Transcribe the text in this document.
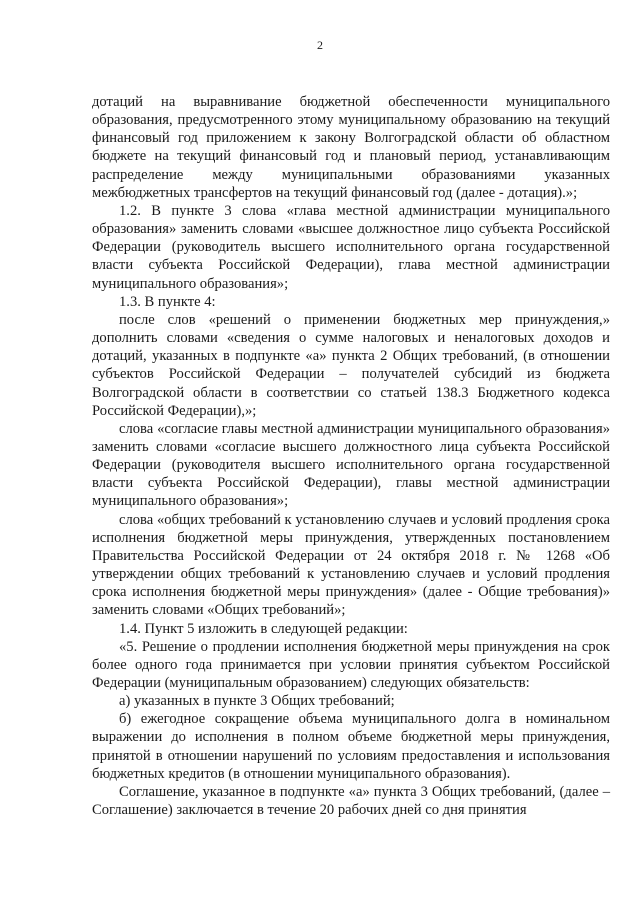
2

дотаций на выравнивание бюджетной обеспеченности муниципального образования, предусмотренного этому муниципальному образованию на текущий финансовый год приложением к закону Волгоградской области об областном бюджете на текущий финансовый год и плановый период, устанавливающим распределение между муниципальными образованиями указанных межбюджетных трансфертов на текущий финансовый год (далее - дотация).»;

1.2. В пункте 3 слова «глава местной администрации муниципального образования» заменить словами «высшее должностное лицо субъекта Российской Федерации (руководитель высшего исполнительного органа государственной власти субъекта Российской Федерации), глава местной администрации муниципального образования»;

1.3. В пункте 4:

после слов «решений о применении бюджетных мер принуждения,» дополнить словами «сведения о сумме налоговых и неналоговых доходов и дотаций, указанных в подпункте «а» пункта 2 Общих требований, (в отношении субъектов Российской Федерации – получателей субсидий из бюджета Волгоградской области в соответствии со статьей 138.3 Бюджетного кодекса Российской Федерации),»;

слова «согласие главы местной администрации муниципального образования» заменить словами «согласие высшего должностного лица субъекта Российской Федерации (руководителя высшего исполнительного органа государственной власти субъекта Российской Федерации), главы местной администрации муниципального образования»;

слова «общих требований к установлению случаев и условий продления срока исполнения бюджетной меры принуждения, утвержденных постановлением Правительства Российской Федерации от 24 октября 2018 г. № 1268 «Об утверждении общих требований к установлению случаев и условий продления срока исполнения бюджетной меры принуждения» (далее - Общие требования)» заменить словами «Общих требований»;

1.4. Пункт 5 изложить в следующей редакции:

«5. Решение о продлении исполнения бюджетной меры принуждения на срок более одного года принимается при условии принятия субъектом Российской Федерации (муниципальным образованием) следующих обязательств:

а) указанных в пункте 3 Общих требований;

б) ежегодное сокращение объема муниципального долга в номинальном выражении до исполнения в полном объеме бюджетной меры принуждения, принятой в отношении нарушений по условиям предоставления и использования бюджетных кредитов (в отношении муниципального образования).

Соглашение, указанное в подпункте «а» пункта 3 Общих требований, (далее – Соглашение) заключается в течение 20 рабочих дней со дня принятия
